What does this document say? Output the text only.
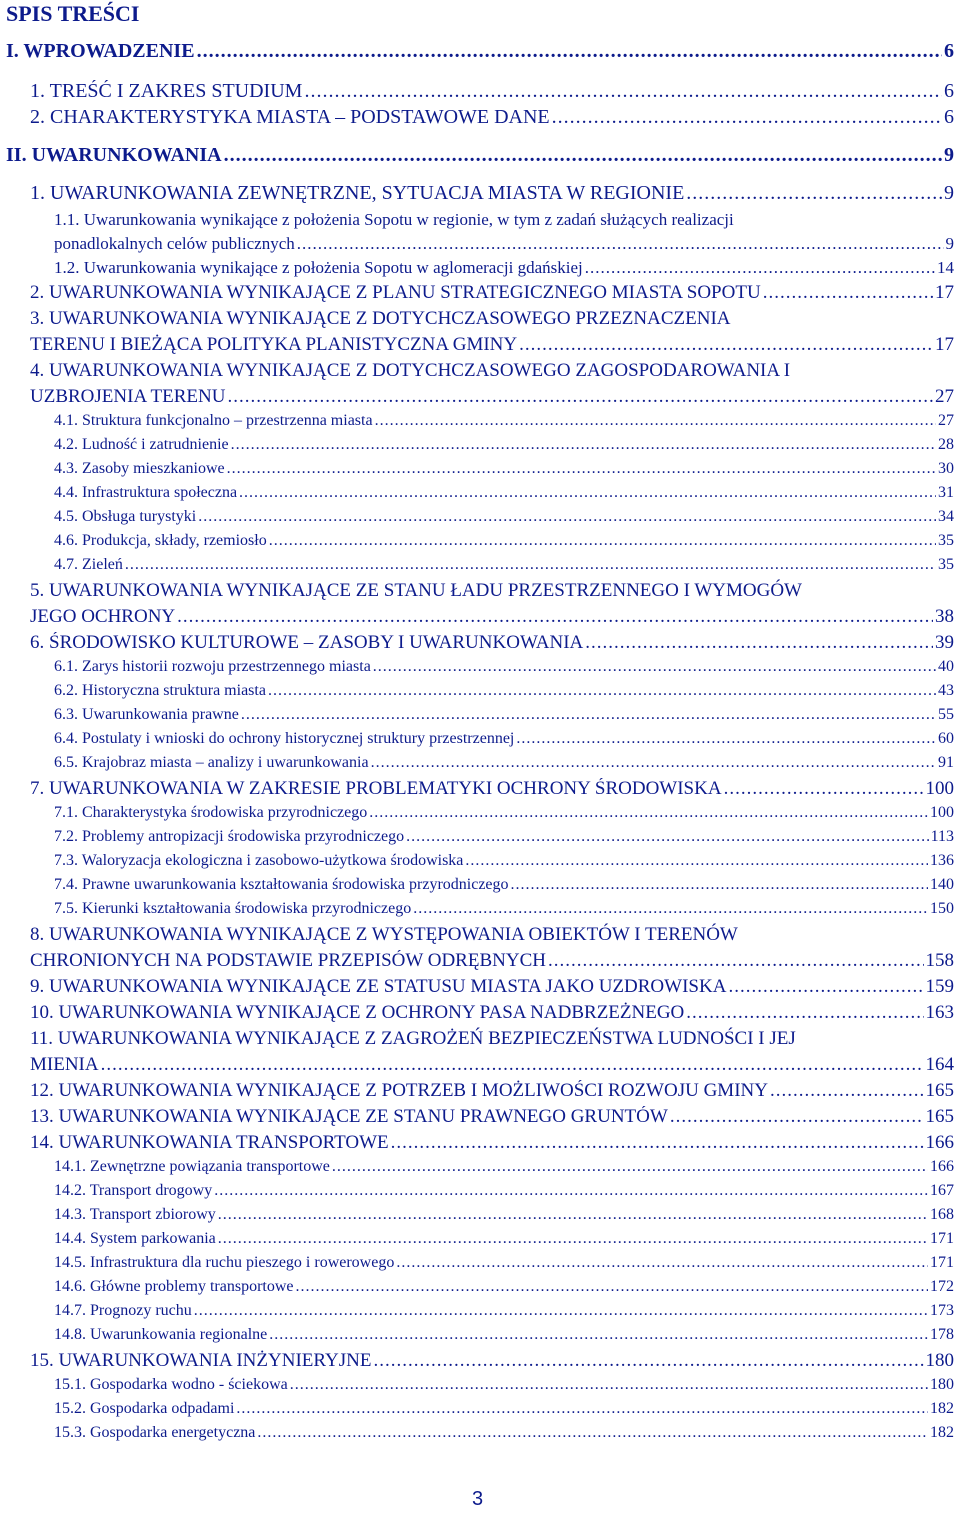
SPIS TREŚCI
I. WPROWADZENIE .....	6
1. TREŚĆ I ZAKRES STUDIUM .....	6
2. CHARAKTERYSTYKA MIASTA – PODSTAWOWE DANE .....	6
II. UWARUNKOWANIA .....	9
1. UWARUNKOWANIA ZEWNĘTRZNE, SYTUACJA MIASTA W REGIONIE .....	9
1.1. Uwarunkowania wynikające z położenia Sopotu w regionie, w tym z zadań służących realizacji
ponadlokalnych celów publicznych .....	9
1.2. Uwarunkowania wynikające z położenia Sopotu w aglomeracji gdańskiej .....	14
2. UWARUNKOWANIA WYNIKAJĄCE Z PLANU STRATEGICZNEGO MIASTA SOPOTU .....	17
3. UWARUNKOWANIA WYNIKAJĄCE Z DOTYCHCZASOWEGO PRZEZNACZENIA
TERENU I BIEŻĄCA POLITYKA PLANISTYCZNA GMINY .....	17
4. UWARUNKOWANIA WYNIKAJĄCE Z DOTYCHCZASOWEGO ZAGOSPODAROWANIA I
UZBROJENIA TERENU .....	27
4.1. Struktura funkcjonalno – przestrzenna miasta .....	27
4.2. Ludność i zatrudnienie .....	28
4.3. Zasoby mieszkaniowe .....	30
4.4. Infrastruktura społeczna .....	31
4.5. Obsługa turystyki .....	34
4.6. Produkcja, składy, rzemiosło .....	35
4.7. Zieleń .....	35
5. UWARUNKOWANIA WYNIKAJĄCE ZE STANU ŁADU PRZESTRZENNEGO I WYMOGÓW
JEGO OCHRONY .....	38
6. ŚRODOWISKO KULTUROWE – ZASOBY I UWARUNKOWANIA .....	39
6.1. Zarys historii rozwoju przestrzennego miasta .....	40
6.2. Historyczna struktura miasta .....	43
6.3. Uwarunkowania prawne .....	55
6.4. Postulaty i wnioski do ochrony historycznej struktury przestrzennej .....	60
6.5. Krajobraz miasta – analizy i uwarunkowania .....	91
7. UWARUNKOWANIA W ZAKRESIE PROBLEMATYKI OCHRONY ŚRODOWISKA .....	100
7.1. Charakterystyka środowiska przyrodniczego .....	100
7.2. Problemy antropizacji środowiska przyrodniczego .....	113
7.3. Waloryzacja ekologiczna i zasobowo-użytkowa środowiska .....	136
7.4. Prawne uwarunkowania kształtowania środowiska przyrodniczego .....	140
7.5. Kierunki kształtowania środowiska przyrodniczego .....	150
8. UWARUNKOWANIA WYNIKAJĄCE Z WYSTĘPOWANIA OBIEKTÓW I TERENÓW
CHRONIONYCH NA PODSTAWIE PRZEPISÓW ODRĘBNYCH .....	158
9. UWARUNKOWANIA WYNIKAJĄCE ZE STATUSU MIASTA JAKO UZDROWISKA .....	159
10. UWARUNKOWANIA WYNIKAJĄCE Z OCHRONY PASA NADBRZEŻNEGO .....	163
11. UWARUNKOWANIA WYNIKAJĄCE Z ZAGROŻEŃ BEZPIECZEŃSTWA LUDNOŚCI I JEJ
MIENIA .....	164
12. UWARUNKOWANIA WYNIKAJĄCE Z POTRZEB I MOŻLIWOŚCI ROZWOJU GMINY .....	165
13. UWARUNKOWANIA WYNIKAJĄCE ZE STANU PRAWNEGO GRUNTÓW .....	165
14. UWARUNKOWANIA TRANSPORTOWE .....	166
14.1. Zewnętrzne powiązania transportowe .....	166
14.2. Transport drogowy .....	167
14.3. Transport zbiorowy .....	168
14.4. System parkowania .....	171
14.5. Infrastruktura dla ruchu pieszego i rowerowego .....	171
14.6. Główne problemy transportowe .....	172
14.7. Prognozy ruchu .....	173
14.8. Uwarunkowania regionalne .....	178
15. UWARUNKOWANIA INŻYNIERYJNE .....	180
15.1. Gospodarka wodno - ściekowa .....	180
15.2. Gospodarka odpadami .....	182
15.3. Gospodarka energetyczna .....	182
3
